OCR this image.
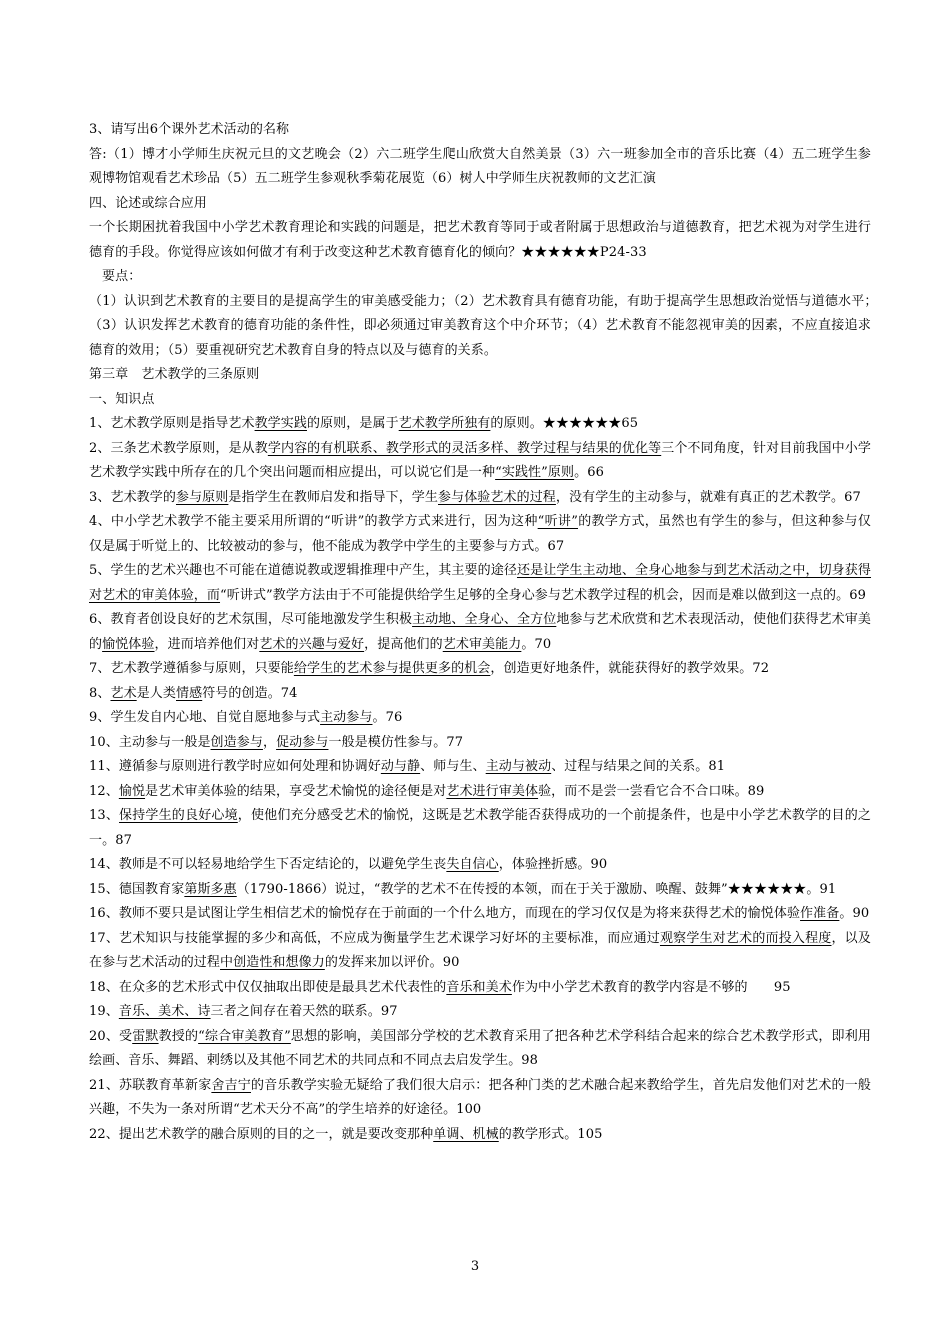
3、请写出6个课外艺术活动的名称

答:（1）博才小学师生庆祝元旦的文艺晚会（2）六二班学生爬山欣赏大自然美景（3）六一班参加全市的音乐比赛（4）五二班学生参观博物馆观看艺术珍品（5）五二班学生参观秋季菊花展览（6）树人中学师生庆祝教师的文艺汇演

四、论述或综合应用

一个长期困扰着我国中小学艺术教育理论和实践的问题是，把艺术教育等同于或者附属于思想政治与道德教育，把艺术视为对学生进行德育的手段。你觉得应该如何做才有利于改变这种艺术教育德育化的倾向？★★★★★★P24-33

要点：

（1）认识到艺术教育的主要目的是提高学生的审美感受能力；（2）艺术教育具有德育功能，有助于提高学生思想政治觉悟与道德水平；　（3）认识发挥艺术教育的德育功能的条件性，即必须通过审美教育这个中介环节；（4）艺术教育不能忽视审美的因素，不应直接追求德育的效用；（5）要重视研究艺术教育自身的特点以及与德育的关系。

第三章　艺术教学的三条原则

一、知识点

1、艺术教学原则是指导艺术教学实践的原则，是属于艺术教学所独有的原则。★★★★★★65

2、三条艺术教学原则，是从教学内容的有机联系、教学形式的灵活多样、教学过程与结果的优化等三个不同角度，针对目前我国中小学艺术教学实践中所存在的几个突出问题而相应提出，可以说它们是一种“实践性”原则。66

3、艺术教学的参与原则是指学生在教师启发和指导下，学生参与体验艺术的过程，没有学生的主动参与，就难有真正的艺术教学。67

4、中小学艺术教学不能主要采用所谓的“听讲”的教学方式来进行，因为这种“听讲”的教学方式，虽然也有学生的参与，但这种参与仅仅是属于听觉上的、比较被动的参与，他不能成为教学中学生的主要参与方式。67

5、学生的艺术兴趣也不可能在道德说教或逻辑推理中产生，其主要的途径还是让学生主动地、全身心地参与到艺术活动之中，切身获得对艺术的审美体验，而“听讲式”教学方法由于不可能提供给学生足够的全身心参与艺术教学过程的机会，因而是难以做到这一点的。69

6、教育者创设良好的艺术氛围，尽可能地激发学生积极主动地、全身心、全方位地参与艺术欣赏和艺术表现活动，使他们获得艺术审美的愉悦体验，进而培养他们对艺术的兴趣与爱好，提高他们的艺术审美能力。70

7、艺术教学遵循参与原则，只要能给学生的艺术参与提供更多的机会，创造更好地条件，就能获得好的教学效果。72

8、艺术是人类情感符号的创造。74

9、学生发自内心地、自觉自愿地参与式主动参与。76

10、主动参与一般是创造参与，促动参与一般是模仿性参与。77

11、遵循参与原则进行教学时应如何处理和协调好动与静、师与生、主动与被动、过程与结果之间的关系。81

12、愉悦是艺术审美体验的结果，享受艺术愉悦的途径便是对艺术进行审美体验，而不是尝一尝看它合不合口味。89

13、保持学生的良好心境，使他们充分感受艺术的愉悦，这既是艺术教学能否获得成功的一个前提条件，也是中小学艺术教学的目的之一。87

14、教师是不可以轻易地给学生下否定结论的，以避免学生丧失自信心，体验挫折感。90

15、德国教育家第斯多惠（1790-1866）说过，“教学的艺术不在传授的本领，而在于关于激励、唤醒、鼓舞”★★★★★★。91

16、教师不要只是试图让学生相信艺术的愉悦存在于前面的一个什么地方，而现在的学习仅仅是为将来获得艺术的愉悦体验作准备。90

17、艺术知识与技能掌握的多少和高低，不应成为衡量学生艺术课学习好坏的主要标准，而应通过观察学生对艺术的而投入程度，以及在参与艺术活动的过程中创造性和想像力的发挥来加以评价。90

18、在众多的艺术形式中仅仅抽取出即使是最具艺术代表性的音乐和美术作为中小学艺术教育的教学内容是不够的　　95

19、音乐、美术、诗三者之间存在着天然的联系。97

20、受雷默教授的“综合审美教育”思想的影响，美国部分学校的艺术教育采用了把各种艺术学科结合起来的综合艺术教学形式，即利用绘画、音乐、舞蹈、剌绣以及其他不同艺术的共同点和不同点去启发学生。98

21、苏联教育革新家舍吉宁的音乐教学实验无疑给了我们很大启示：把各种门类的艺术融合起来教给学生，首先启发他们对艺术的一般兴趣，不失为一条对所谓“艺术天分不高”的学生培养的好途径。100

22、提出艺术教学的融合原则的目的之一，就是要改变那种单调、机械的教学形式。105

3
